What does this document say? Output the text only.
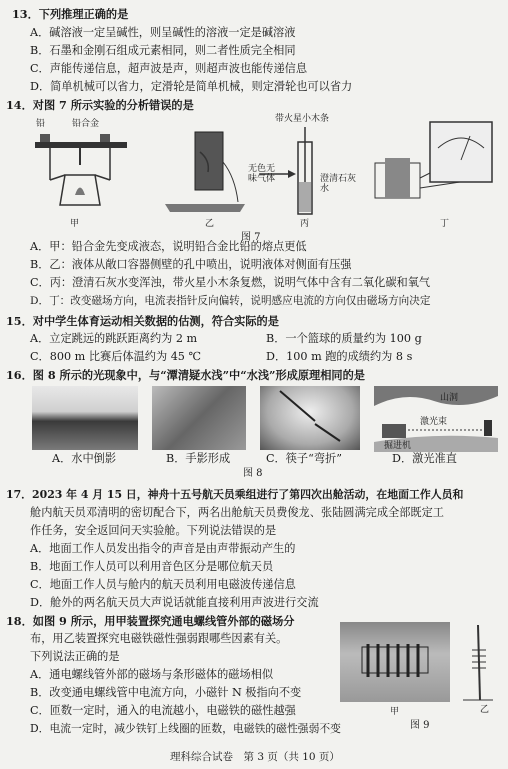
13．下列推理正确的是
A．碱溶液一定呈碱性，则呈碱性的溶液一定是碱溶液
B．石墨和金刚石组成元素相同，则二者性质完全相同
C．声能传递信息，超声波是声，则超声波也能传递信息
D．简单机械可以省力，定滑轮是简单机械，则定滑轮也可以省力
14．对图 7 所示实验的分析错误的是
铅	铅合金
甲	乙
带火星小木条
无色无味气体	澄清石灰水
丙	丁
图 7
A．甲：铅合金先变成液态，说明铅合金比铅的熔点更低
B．乙：液体从敞口容器侧壁的孔中喷出，说明液体对侧面有压强
C．丙：澄清石灰水变浑浊，带火星小木条复燃，说明气体中含有二氧化碳和氧气
D．丁：改变磁场方向，电流表指针反向偏转，说明感应电流的方向仅由磁场方向决定
15．对中学生体育运动相关数据的估测，符合实际的是
A．立定跳远的跳跃距离约为 2 m	B．一个篮球的质量约为 100 g
C．800 m 比赛后体温约为 45 ℃	D．100 m 跑的成绩约为 8 s
16．图 8 所示的光现象中，与“潭清疑水浅”中“水浅”形成原理相同的是
山洞
激光束
掘进机
A．水中倒影	B．手影形成	C．筷子“弯折”	D．激光准直
图 8
17．2023 年 4 月 15 日，神舟十五号航天员乘组进行了第四次出舱活动，在地面工作人员和
舱内航天员邓清明的密切配合下，两名出舱航天员费俊龙、张陆圆满完成全部既定工
作任务，安全返回问天实验舱。下列说法错误的是
A．地面工作人员发出指令的声音是由声带振动产生的
B．地面工作人员可以利用音色区分是哪位航天员
C．地面工作人员与舱内的航天员利用电磁波传递信息
D．舱外的两名航天员大声说话就能直接利用声波进行交流
18．如图 9 所示，用甲装置探究通电螺线管外部的磁场分
布，用乙装置探究电磁铁磁性强弱跟哪些因素有关。
下列说法正确的是
A．通电螺线管外部的磁场与条形磁体的磁场相似
B．改变通电螺线管中电流方向，小磁针 N 极指向不变
C．匝数一定时，通入的电流越小，电磁铁的磁性越强
D．电流一定时，减少铁钉上线圈的匝数，电磁铁的磁性强弱不变
甲	乙
图 9
理科综合试卷　第 3 页（共 10 页）
